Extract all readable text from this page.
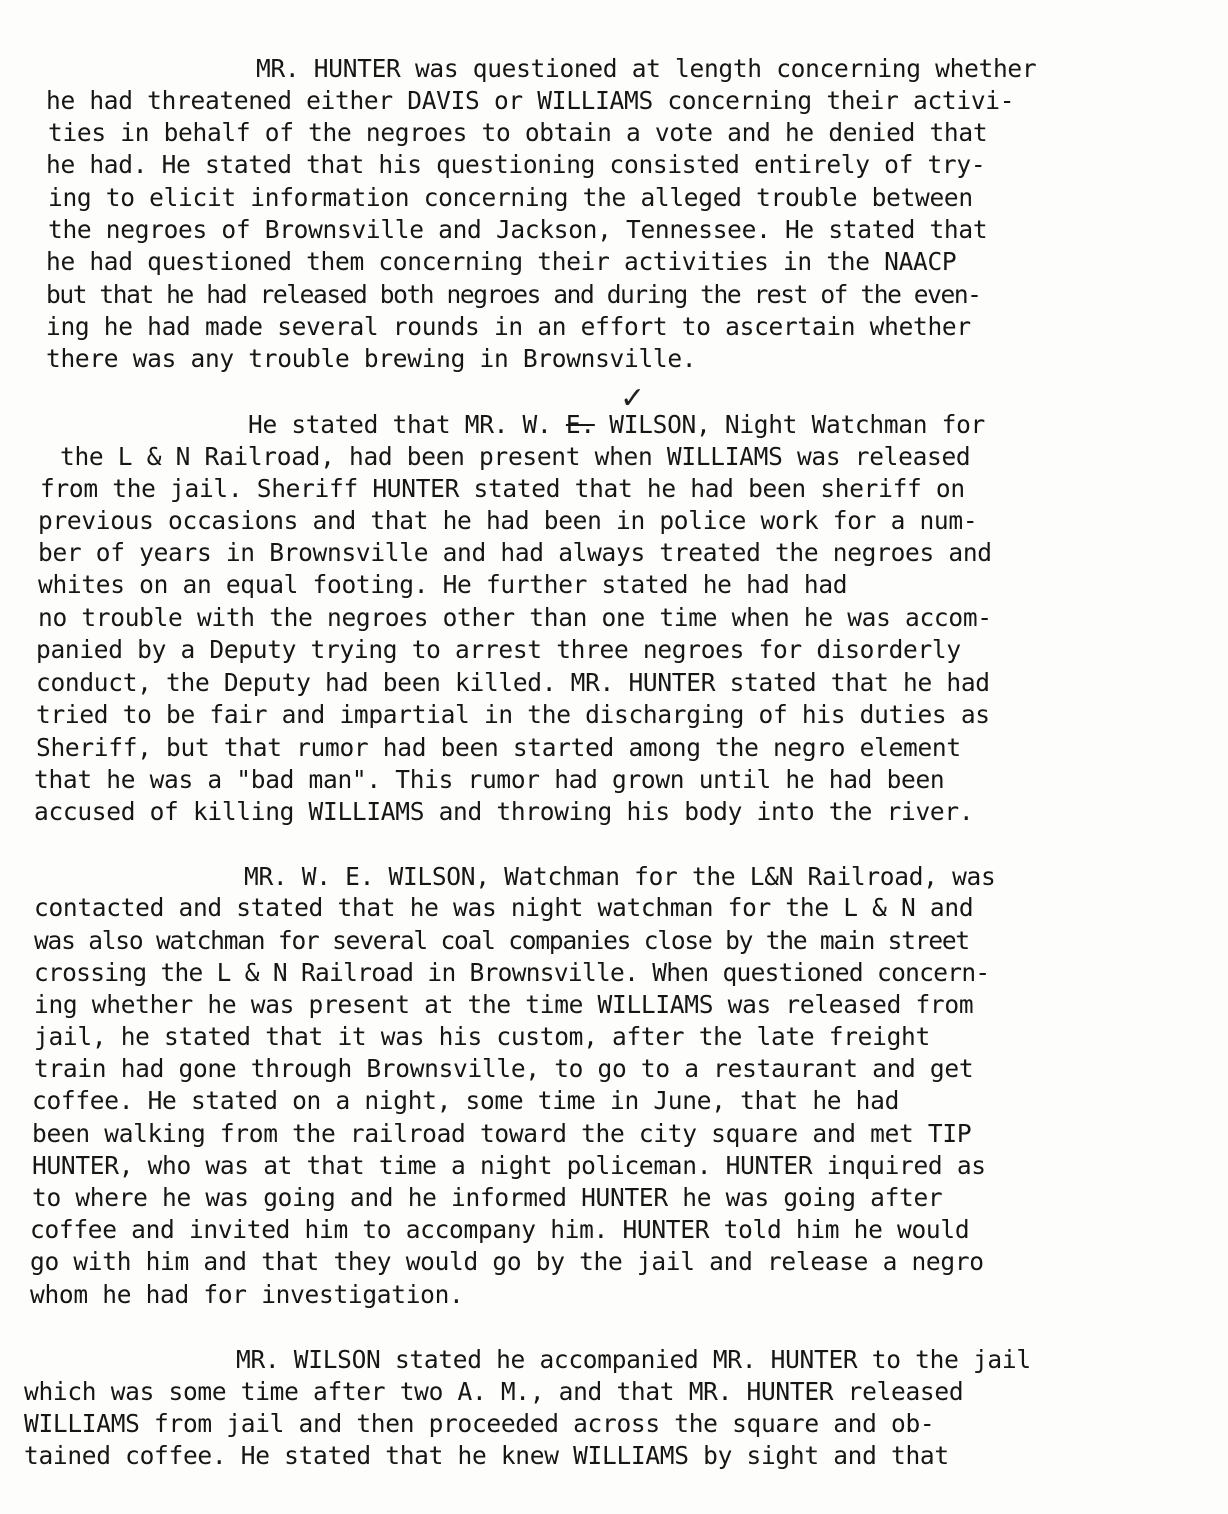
MR. HUNTER was questioned at length concerning whether
he had threatened either DAVIS or WILLIAMS concerning their activi-
ties in behalf of the negroes to obtain a vote and he denied that
he had. He stated that his questioning consisted entirely of try-
ing to elicit information concerning the alleged trouble between
the negroes of Brownsville and Jackson, Tennessee. He stated that
he had questioned them concerning their activities in the NAACP
but that he had released both negroes and during the rest of the even-
ing he had made several rounds in an effort to ascertain whether
there was any trouble brewing in Brownsville.
He stated that MR. W. E. WILSON, Night Watchman for
✓
the L & N Railroad, had been present when WILLIAMS was released
from the jail. Sheriff HUNTER stated that he had been sheriff on
previous occasions and that he had been in police work for a num-
ber of years in Brownsville and had always treated the negroes and
whites on an equal footing. He further stated he had had
no trouble with the negroes other than one time when he was accom-
panied by a Deputy trying to arrest three negroes for disorderly
conduct, the Deputy had been killed. MR. HUNTER stated that he had
tried to be fair and impartial in the discharging of his duties as
Sheriff, but that rumor had been started among the negro element
that he was a "bad man". This rumor had grown until he had been
accused of killing WILLIAMS and throwing his body into the river.
MR. W. E. WILSON, Watchman for the L&N Railroad, was
contacted and stated that he was night watchman for the L & N and
was also watchman for several coal companies close by the main street
crossing the L & N Railroad in Brownsville. When questioned concern-
ing whether he was present at the time WILLIAMS was released from
jail, he stated that it was his custom, after the late freight
train had gone through Brownsville, to go to a restaurant and get
coffee. He stated on a night, some time in June, that he had
been walking from the railroad toward the city square and met TIP
HUNTER, who was at that time a night policeman. HUNTER inquired as
to where he was going and he informed HUNTER he was going after
coffee and invited him to accompany him. HUNTER told him he would
go with him and that they would go by the jail and release a negro
whom he had for investigation.
MR. WILSON stated he accompanied MR. HUNTER to the jail
which was some time after two A. M., and that MR. HUNTER released
WILLIAMS from jail and then proceeded across the square and ob-
tained coffee. He stated that he knew WILLIAMS by sight and that
